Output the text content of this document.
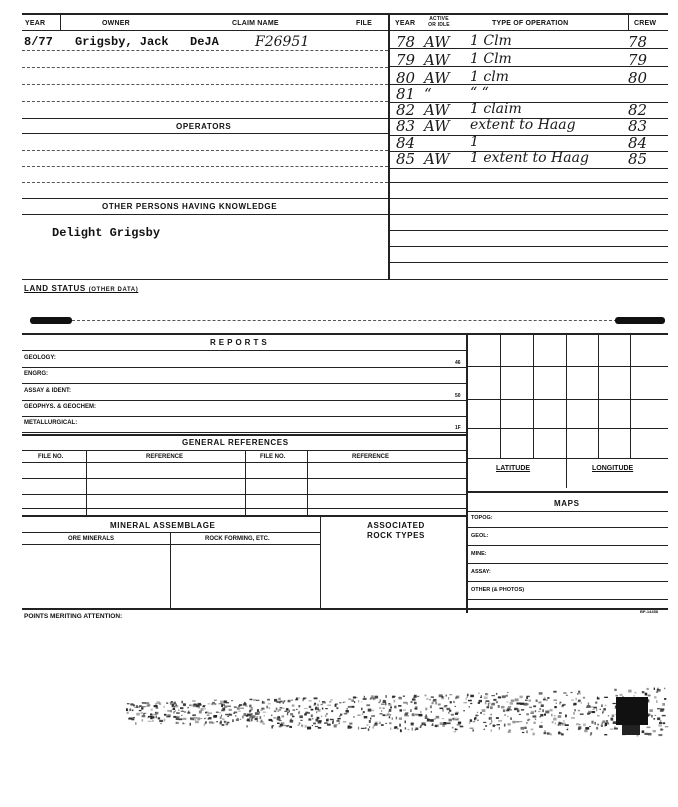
YEAR	OWNER	CLAIM NAME	FILE	YEAR
ACTIVE OR IDLE	TYPE OF OPERATION	CREW
8/77 Grigsby, Jack DeJA	F26951
OPERATORS
OTHER PERSONS HAVING KNOWLEDGE
Delight Grigsby
78 AW 1 Clm	78
79 AW 1 Clm	79
80 AW 1 clm	80
81 “	“ “
82 AW 1 claim	82
83 AW extent to Haag	83
84	1	84
85 AW 1 extent to Haag	85
LAND STATUS (OTHER DATA)
REPORTS
GEOLOGY:
46
ENGRG:
ASSAY & IDENT:
50
GEOPHYS. & GEOCHEM:
METALLURGICAL:
1F
LATITUDE	LONGITUDE
MAPS
TOPOG:
GEOL:
MINE:
ASSAY:
OTHER (& PHOTOS)
GENERAL REFERENCES
FILE NO.	REFERENCE	FILE NO.	REFERENCE
MINERAL ASSEMBLAGE	ASSOCIATED ROCK TYPES
ORE MINERALS	ROCK FORMING, ETC.
POINTS MERITING ATTENTION:
BP-14458
